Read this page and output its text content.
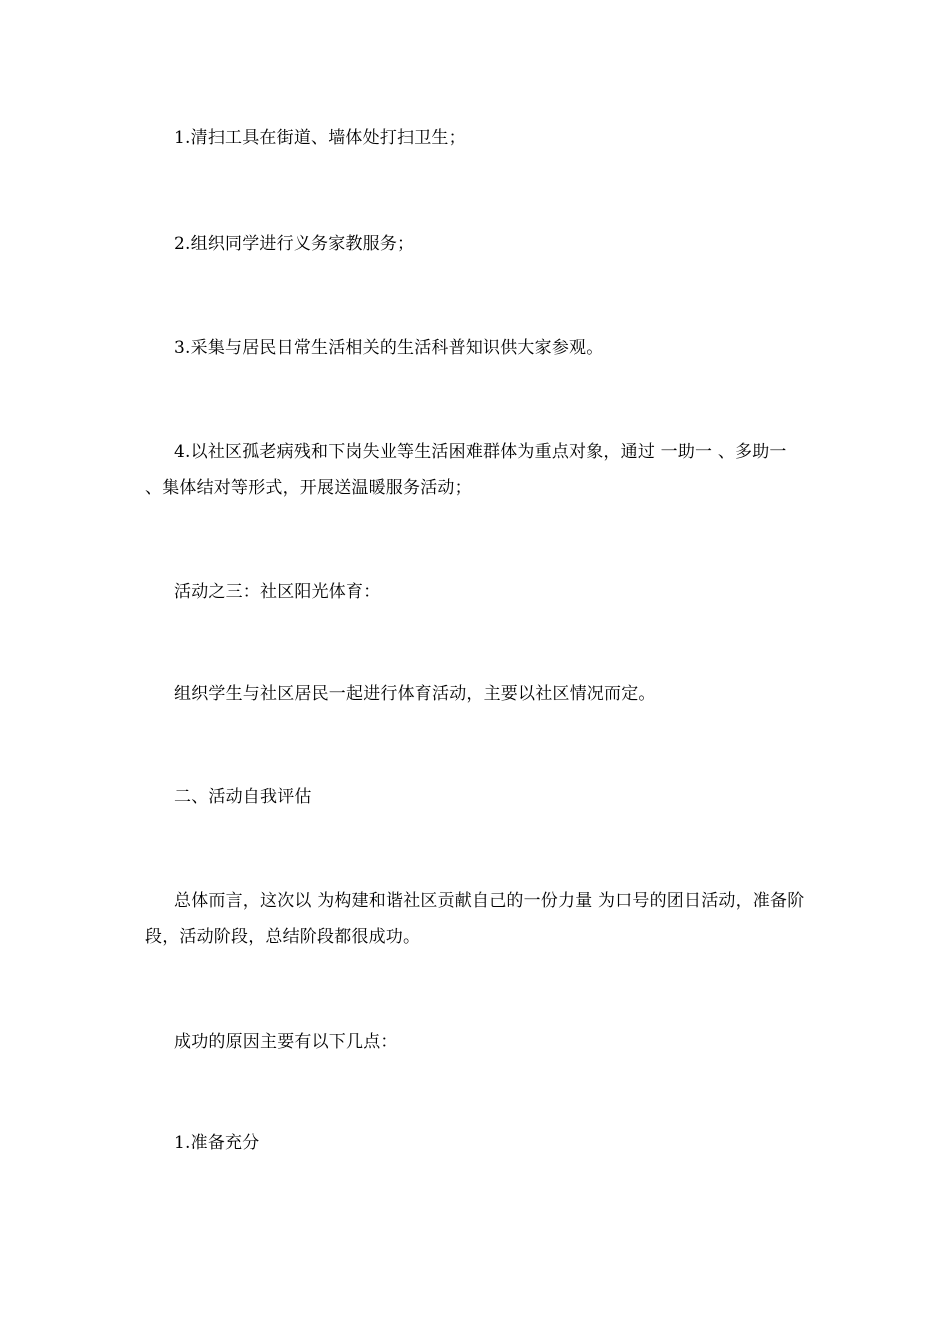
1.清扫工具在街道、墙体处打扫卫生；

2.组织同学进行义务家教服务；

3.采集与居民日常生活相关的生活科普知识供大家参观。

4.以社区孤老病残和下岗失业等生活困难群体为重点对象，通过 一助一 、多助一 、集体结对等形式，开展送温暖服务活动；

活动之三：社区阳光体育：

组织学生与社区居民一起进行体育活动，主要以社区情况而定。

二、活动自我评估

总体而言，这次以 为构建和谐社区贡献自己的一份力量 为口号的团日活动，准备阶段，活动阶段，总结阶段都很成功。

成功的原因主要有以下几点：

1.准备充分
